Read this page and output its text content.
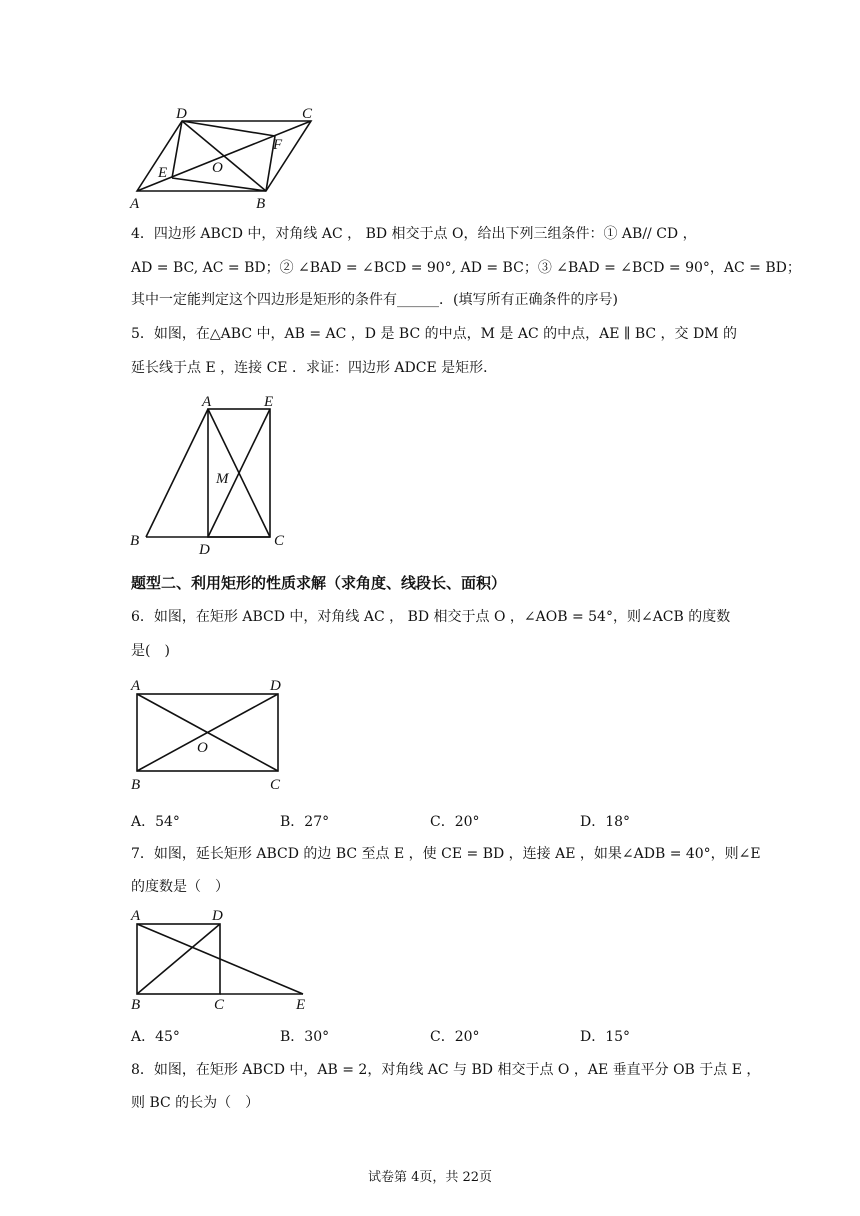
D	C
F
O
E
A	B
4．四边形 ABCD 中，对角线 AC ， BD 相交于点 O，给出下列三组条件：① AB// CD ，
AD = BC, AC = BD；② ∠BAD = ∠BCD = 90°, AD = BC；③ ∠BAD = ∠BCD = 90°，AC = BD；
其中一定能判定这个四边形是矩形的条件有______．(填写所有正确条件的序号)
5．如图，在△ABC 中，AB = AC ，D 是 BC 的中点，M 是 AC 的中点，AE ∥ BC ，交 DM 的
延长线于点 E ，连接 CE ．求证：四边形 ADCE 是矩形．
A	E
M
B
D
C
题型二、利用矩形的性质求解（求角度、线段长、面积）
6．如图，在矩形 ABCD 中，对角线 AC ， BD 相交于点 O ，∠AOB = 54°，则∠ACB 的度数
是(　)
A	D
O
B	C
A．54°	B．27°	C．20°	D．18°
7．如图，延长矩形 ABCD 的边 BC 至点 E ，使 CE = BD ，连接 AE ，如果∠ADB = 40°，则∠E
的度数是（　）
A	D
B	C	E
A．45°	B．30°	C．20°	D．15°
8．如图，在矩形 ABCD 中，AB = 2，对角线 AC 与 BD 相交于点 O ，AE 垂直平分 OB 于点 E ，
则 BC 的长为（　）
试卷第 4页，共 22页
